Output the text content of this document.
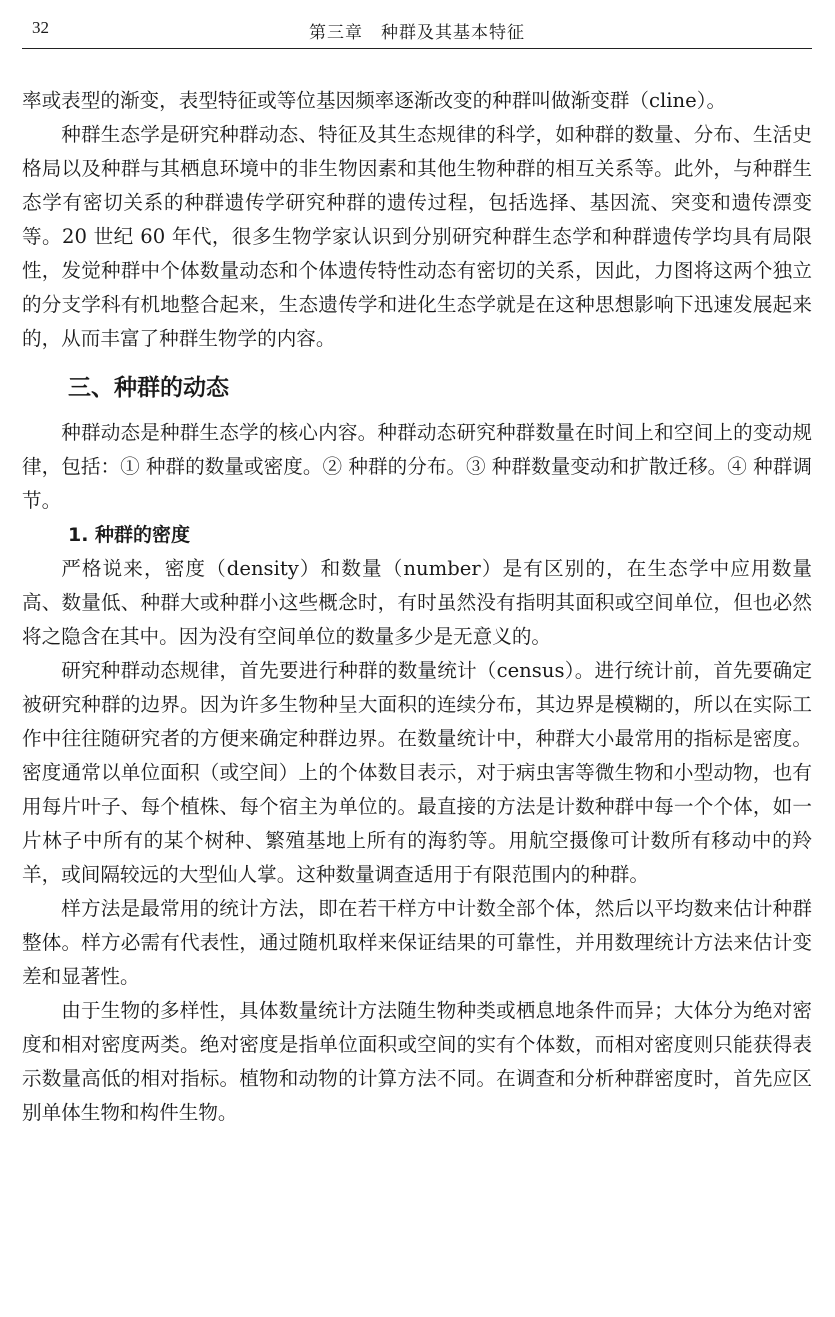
32	第三章　种群及其基本特征

率或表型的渐变，表型特征或等位基因频率逐渐改变的种群叫做渐变群（cline）。

种群生态学是研究种群动态、特征及其生态规律的科学，如种群的数量、分布、生活史格局以及种群与其栖息环境中的非生物因素和其他生物种群的相互关系等。此外，与种群生态学有密切关系的种群遗传学研究种群的遗传过程，包括选择、基因流、突变和遗传漂变等。20 世纪 60 年代，很多生物学家认识到分别研究种群生态学和种群遗传学均具有局限性，发觉种群中个体数量动态和个体遗传特性动态有密切的关系，因此，力图将这两个独立的分支学科有机地整合起来，生态遗传学和进化生态学就是在这种思想影响下迅速发展起来的，从而丰富了种群生物学的内容。

三、种群的动态

种群动态是种群生态学的核心内容。种群动态研究种群数量在时间上和空间上的变动规律，包括：① 种群的数量或密度。② 种群的分布。③ 种群数量变动和扩散迁移。④ 种群调节。

1. 种群的密度

严格说来，密度（density）和数量（number）是有区别的，在生态学中应用数量高、数量低、种群大或种群小这些概念时，有时虽然没有指明其面积或空间单位，但也必然将之隐含在其中。因为没有空间单位的数量多少是无意义的。

研究种群动态规律，首先要进行种群的数量统计（census）。进行统计前，首先要确定被研究种群的边界。因为许多生物种呈大面积的连续分布，其边界是模糊的，所以在实际工作中往往随研究者的方便来确定种群边界。在数量统计中，种群大小最常用的指标是密度。密度通常以单位面积（或空间）上的个体数目表示，对于病虫害等微生物和小型动物，也有用每片叶子、每个植株、每个宿主为单位的。最直接的方法是计数种群中每一个个体，如一片林子中所有的某个树种、繁殖基地上所有的海豹等。用航空摄像可计数所有移动中的羚羊，或间隔较远的大型仙人掌。这种数量调查适用于有限范围内的种群。

样方法是最常用的统计方法，即在若干样方中计数全部个体，然后以平均数来估计种群整体。样方必需有代表性，通过随机取样来保证结果的可靠性，并用数理统计方法来估计变差和显著性。

由于生物的多样性，具体数量统计方法随生物种类或栖息地条件而异；大体分为绝对密度和相对密度两类。绝对密度是指单位面积或空间的实有个体数，而相对密度则只能获得表示数量高低的相对指标。植物和动物的计算方法不同。在调查和分析种群密度时，首先应区别单体生物和构件生物。
